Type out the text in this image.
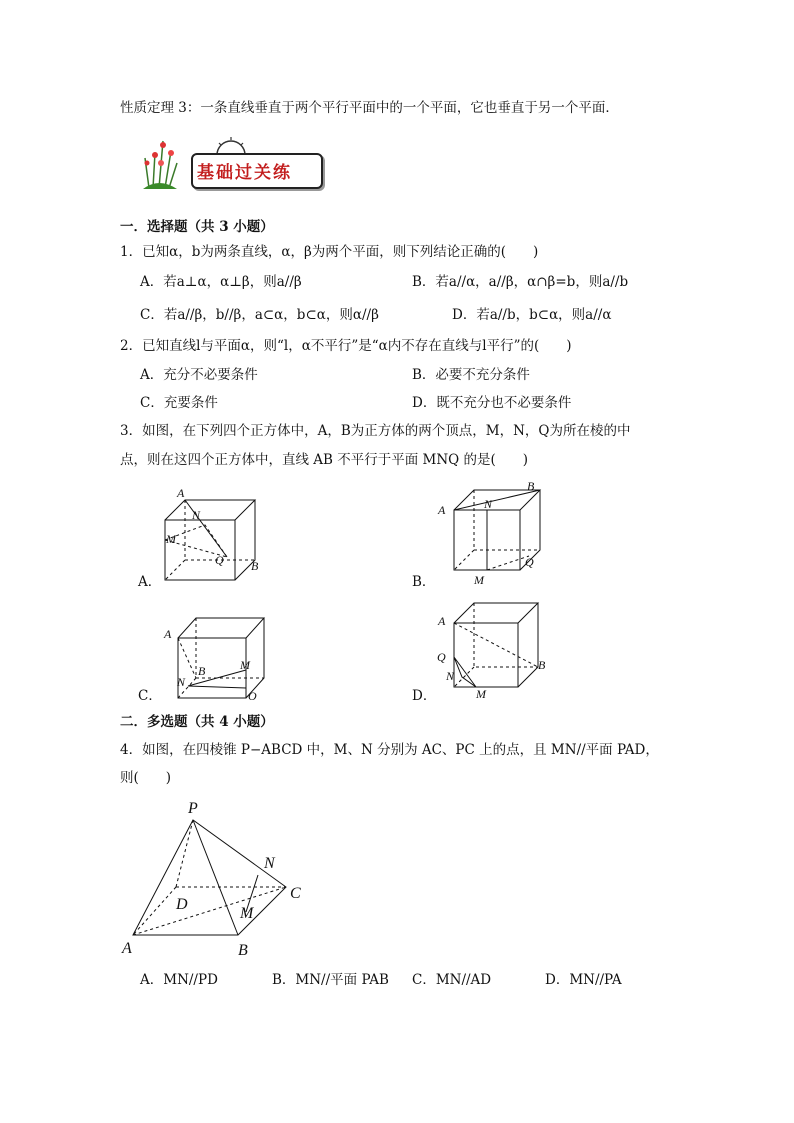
性质定理 3：一条直线垂直于两个平行平面中的一个平面，它也垂直于另一个平面．
基础过关练
一．选择题（共 3 小题）
1．已知α，b为两条直线，α，β为两个平面，则下列结论正确的(　　)
A．若a⊥α，α⊥β，则a//β	B．若a//α，a//β，α∩β=b，则a//b
C．若a//β，b//β，a⊂α，b⊂α，则α//β	D．若a//b，b⊂α，则a//α
2．已知直线l与平面α，则“l，α不平行”是“α内不存在直线与l平行”的(　　)
A．充分不必要条件	B．必要不充分条件
C．充要条件	D．既不充分也不必要条件
3．如图，在下列四个正方体中，A，B为正方体的两个顶点，M，N，Q为所在棱的中
点，则在这四个正方体中，直线 AB 不平行于平面 MNQ 的是(　　)
A．
A
N
M
Q B
B．
B
A	N
Q
M
C．
A
B	M
N
O	D．
A
Q
B
N
M
二．多选题（共 4 小题）
4．如图，在四棱锥 P−ABCD 中，M、N 分别为 AC、PC 上的点，且 MN//平面 PAD，
则(　　)
P
N
C
D
M
A	B
A．MN//PD	B．MN//平面 PAB C．MN//AD	D．MN//PA
